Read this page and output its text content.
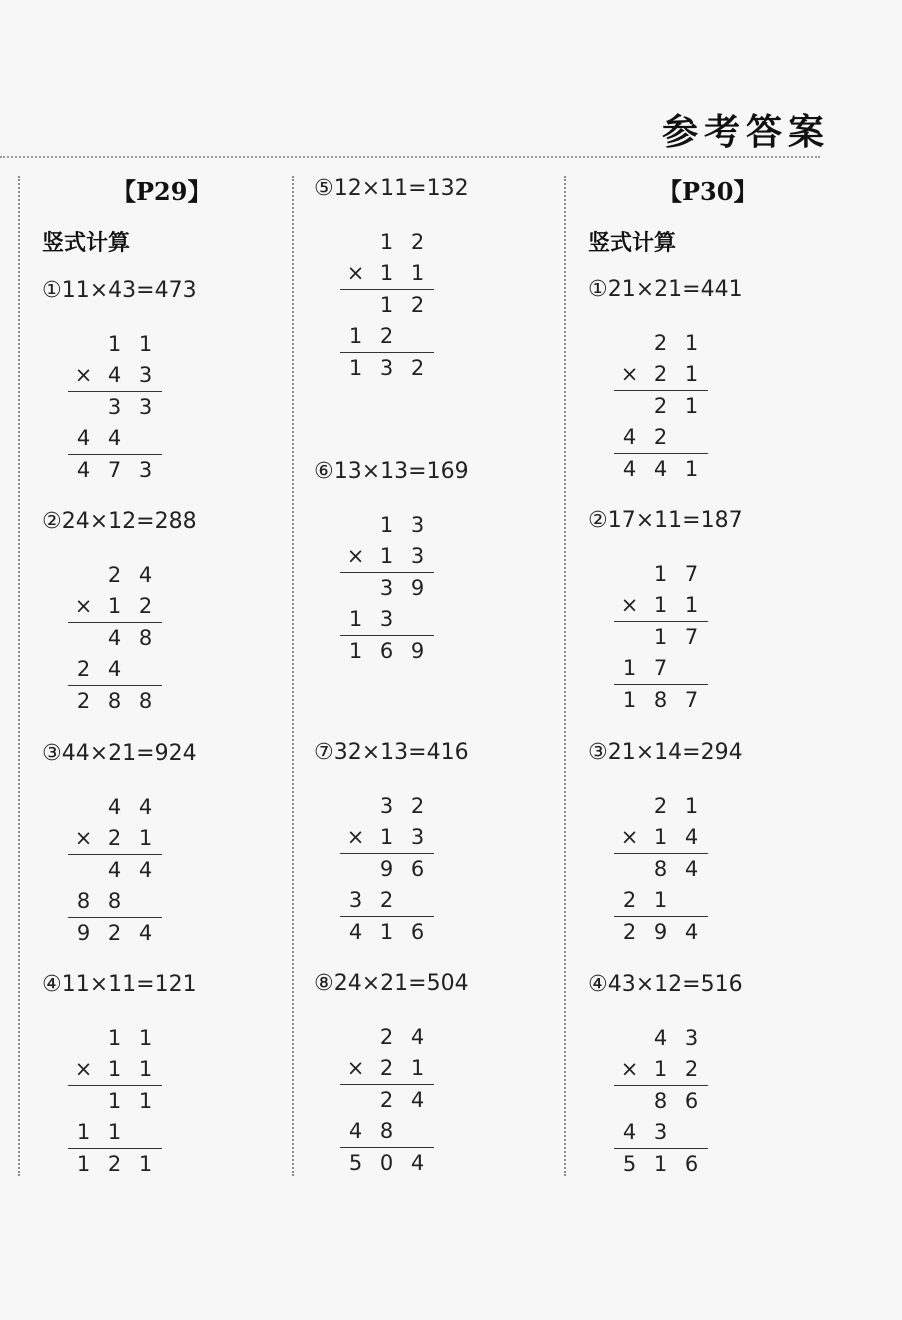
参考答案
【P29】
竖式计算
①11×43=473
1 1
× 4 3
3 3
4 4
4 7 3
②24×12=288
2 4
× 1 2
4 8
2 4
2 8 8
③44×21=924
4 4
× 2 1
4 4
8 8
9 2 4
④11×11=121
1 1
× 1 1
1 1
1 1
1 2 1
⑤12×11=132
1 2
× 1 1
1 2
1 2
1 3 2
⑥13×13=169
1 3
× 1 3
3 9
1 3
1 6 9
⑦32×13=416
3 2
× 1 3
9 6
3 2
4 1 6
⑧24×21=504
2 4
× 2 1
2 4
4 8
5 0 4
【P30】
竖式计算
①21×21=441
2 1
× 2 1
2 1
4 2
4 4 1
②17×11=187
1 7
× 1 1
1 7
1 7
1 8 7
③21×14=294
2 1
× 1 4
8 4
2 1
2 9 4
④43×12=516
4 3
× 1 2
8 6
4 3
5 1 6
